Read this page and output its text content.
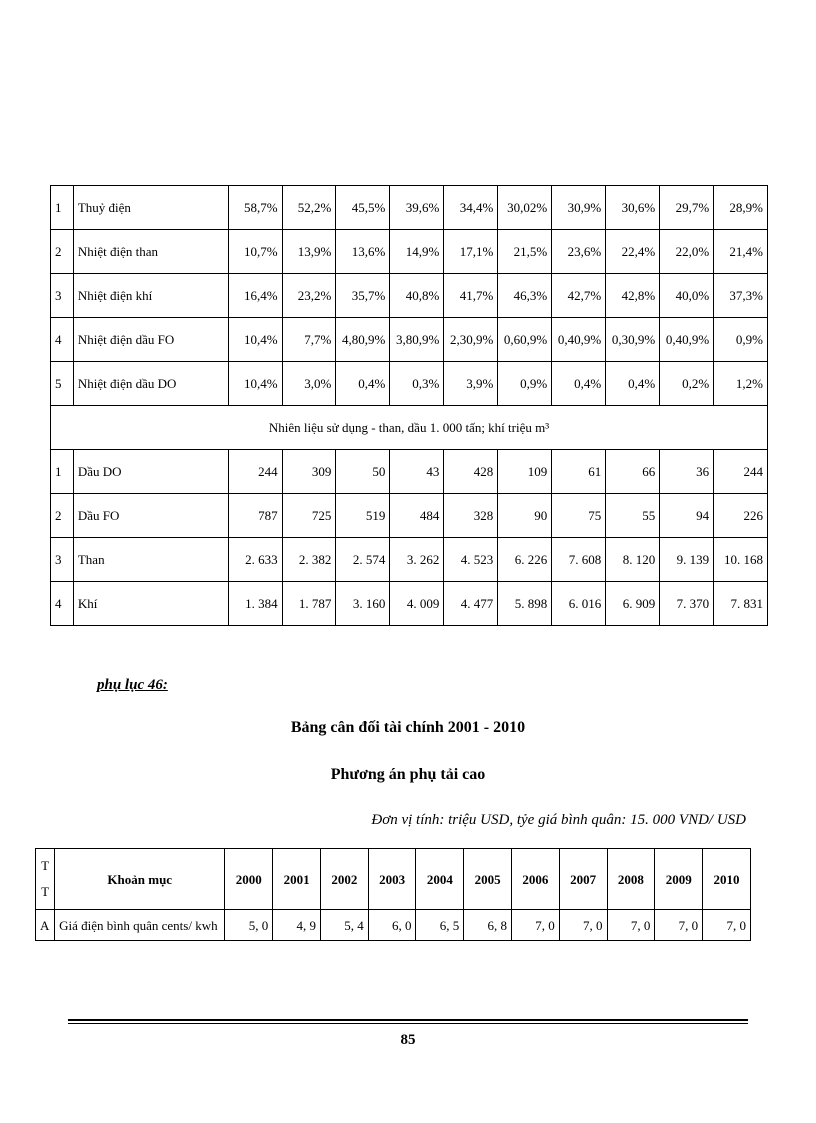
1	Thuỷ điện	58,7%	52,2%	45,5%	39,6%	34,4%	30,02%	30,9%	30,6%	29,7%	28,9%
2	Nhiệt điện than	10,7%	13,9%	13,6%	14,9%	17,1%	21,5%	23,6%	22,4%	22,0%	21,4%
3	Nhiệt điện khí	16,4%	23,2%	35,7%	40,8%	41,7%	46,3%	42,7%	42,8%	40,0%	37,3%
4	Nhiệt điện dầu FO	10,4%	7,7%	4,80,9%	3,80,9%	2,30,9%	0,60,9%	0,40,9%	0,30,9%	0,40,9%	0,9%
5	Nhiệt điện dầu DO	10,4%	3,0%	0,4%	0,3%	3,9%	0,9%	0,4%	0,4%	0,2%	1,2%
Nhiên liệu sử dụng - than, dầu 1. 000 tấn; khí triệu m³											
1	Dầu DO	244	309	50	43	428	109	61	66	36	244
2	Dầu FO	787	725	519	484	328	90	75	55	94	226
3	Than	2. 633	2. 382	2. 574	3. 262	4. 523	6. 226	7. 608	8. 120	9. 139	10. 168
4	Khí	1. 384	1. 787	3. 160	4. 009	4. 477	5. 898	6. 016	6. 909	7. 370	7. 831
phụ lục 46:
Bảng cân đối tài chính 2001 - 2010
Phương án phụ tải cao
Đơn vị tính: triệu USD, tỷe giá bình quân: 15. 000 VND/ USD
T
T	Khoản mục	2000	2001	2002	2003	2004	2005	2006	2007	2008	2009	2010
A	Giá điện bình quân cents/ kwh	5, 0	4, 9	5, 4	6, 0	6, 5	6, 8	7, 0	7, 0	7, 0	7, 0	7, 0
85
